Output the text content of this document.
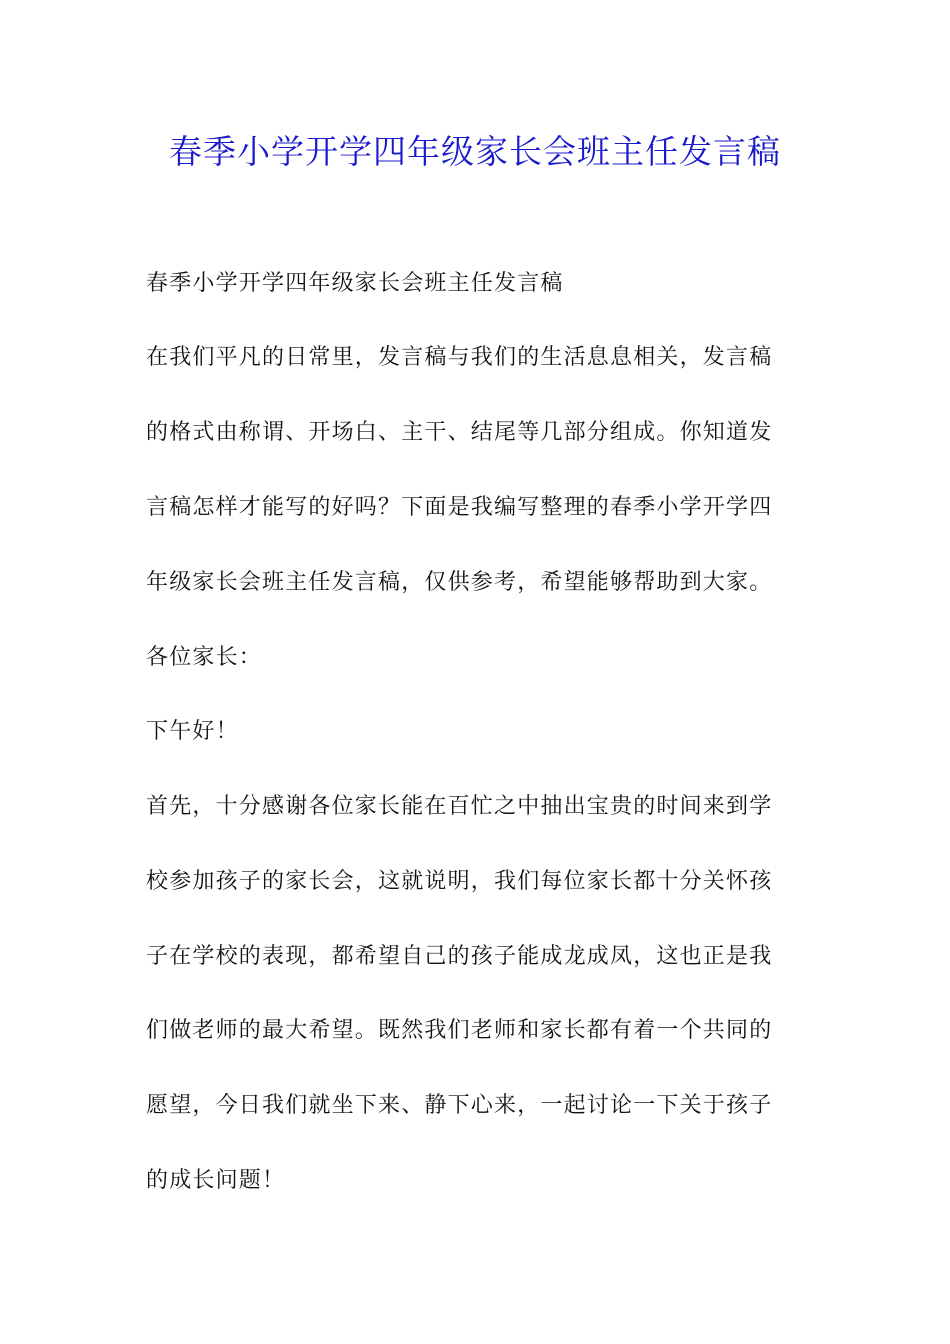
春季小学开学四年级家长会班主任发言稿

春季小学开学四年级家长会班主任发言稿

在我们平凡的日常里，发言稿与我们的生活息息相关，发言稿

的格式由称谓、开场白、主干、结尾等几部分组成。你知道发

言稿怎样才能写的好吗？下面是我编写整理的春季小学开学四

年级家长会班主任发言稿，仅供参考，希望能够帮助到大家。

各位家长：

下午好！

首先，十分感谢各位家长能在百忙之中抽出宝贵的时间来到学

校参加孩子的家长会，这就说明，我们每位家长都十分关怀孩

子在学校的表现，都希望自己的孩子能成龙成凤，这也正是我

们做老师的最大希望。既然我们老师和家长都有着一个共同的

愿望，今日我们就坐下来、静下心来，一起讨论一下关于孩子

的成长问题！
